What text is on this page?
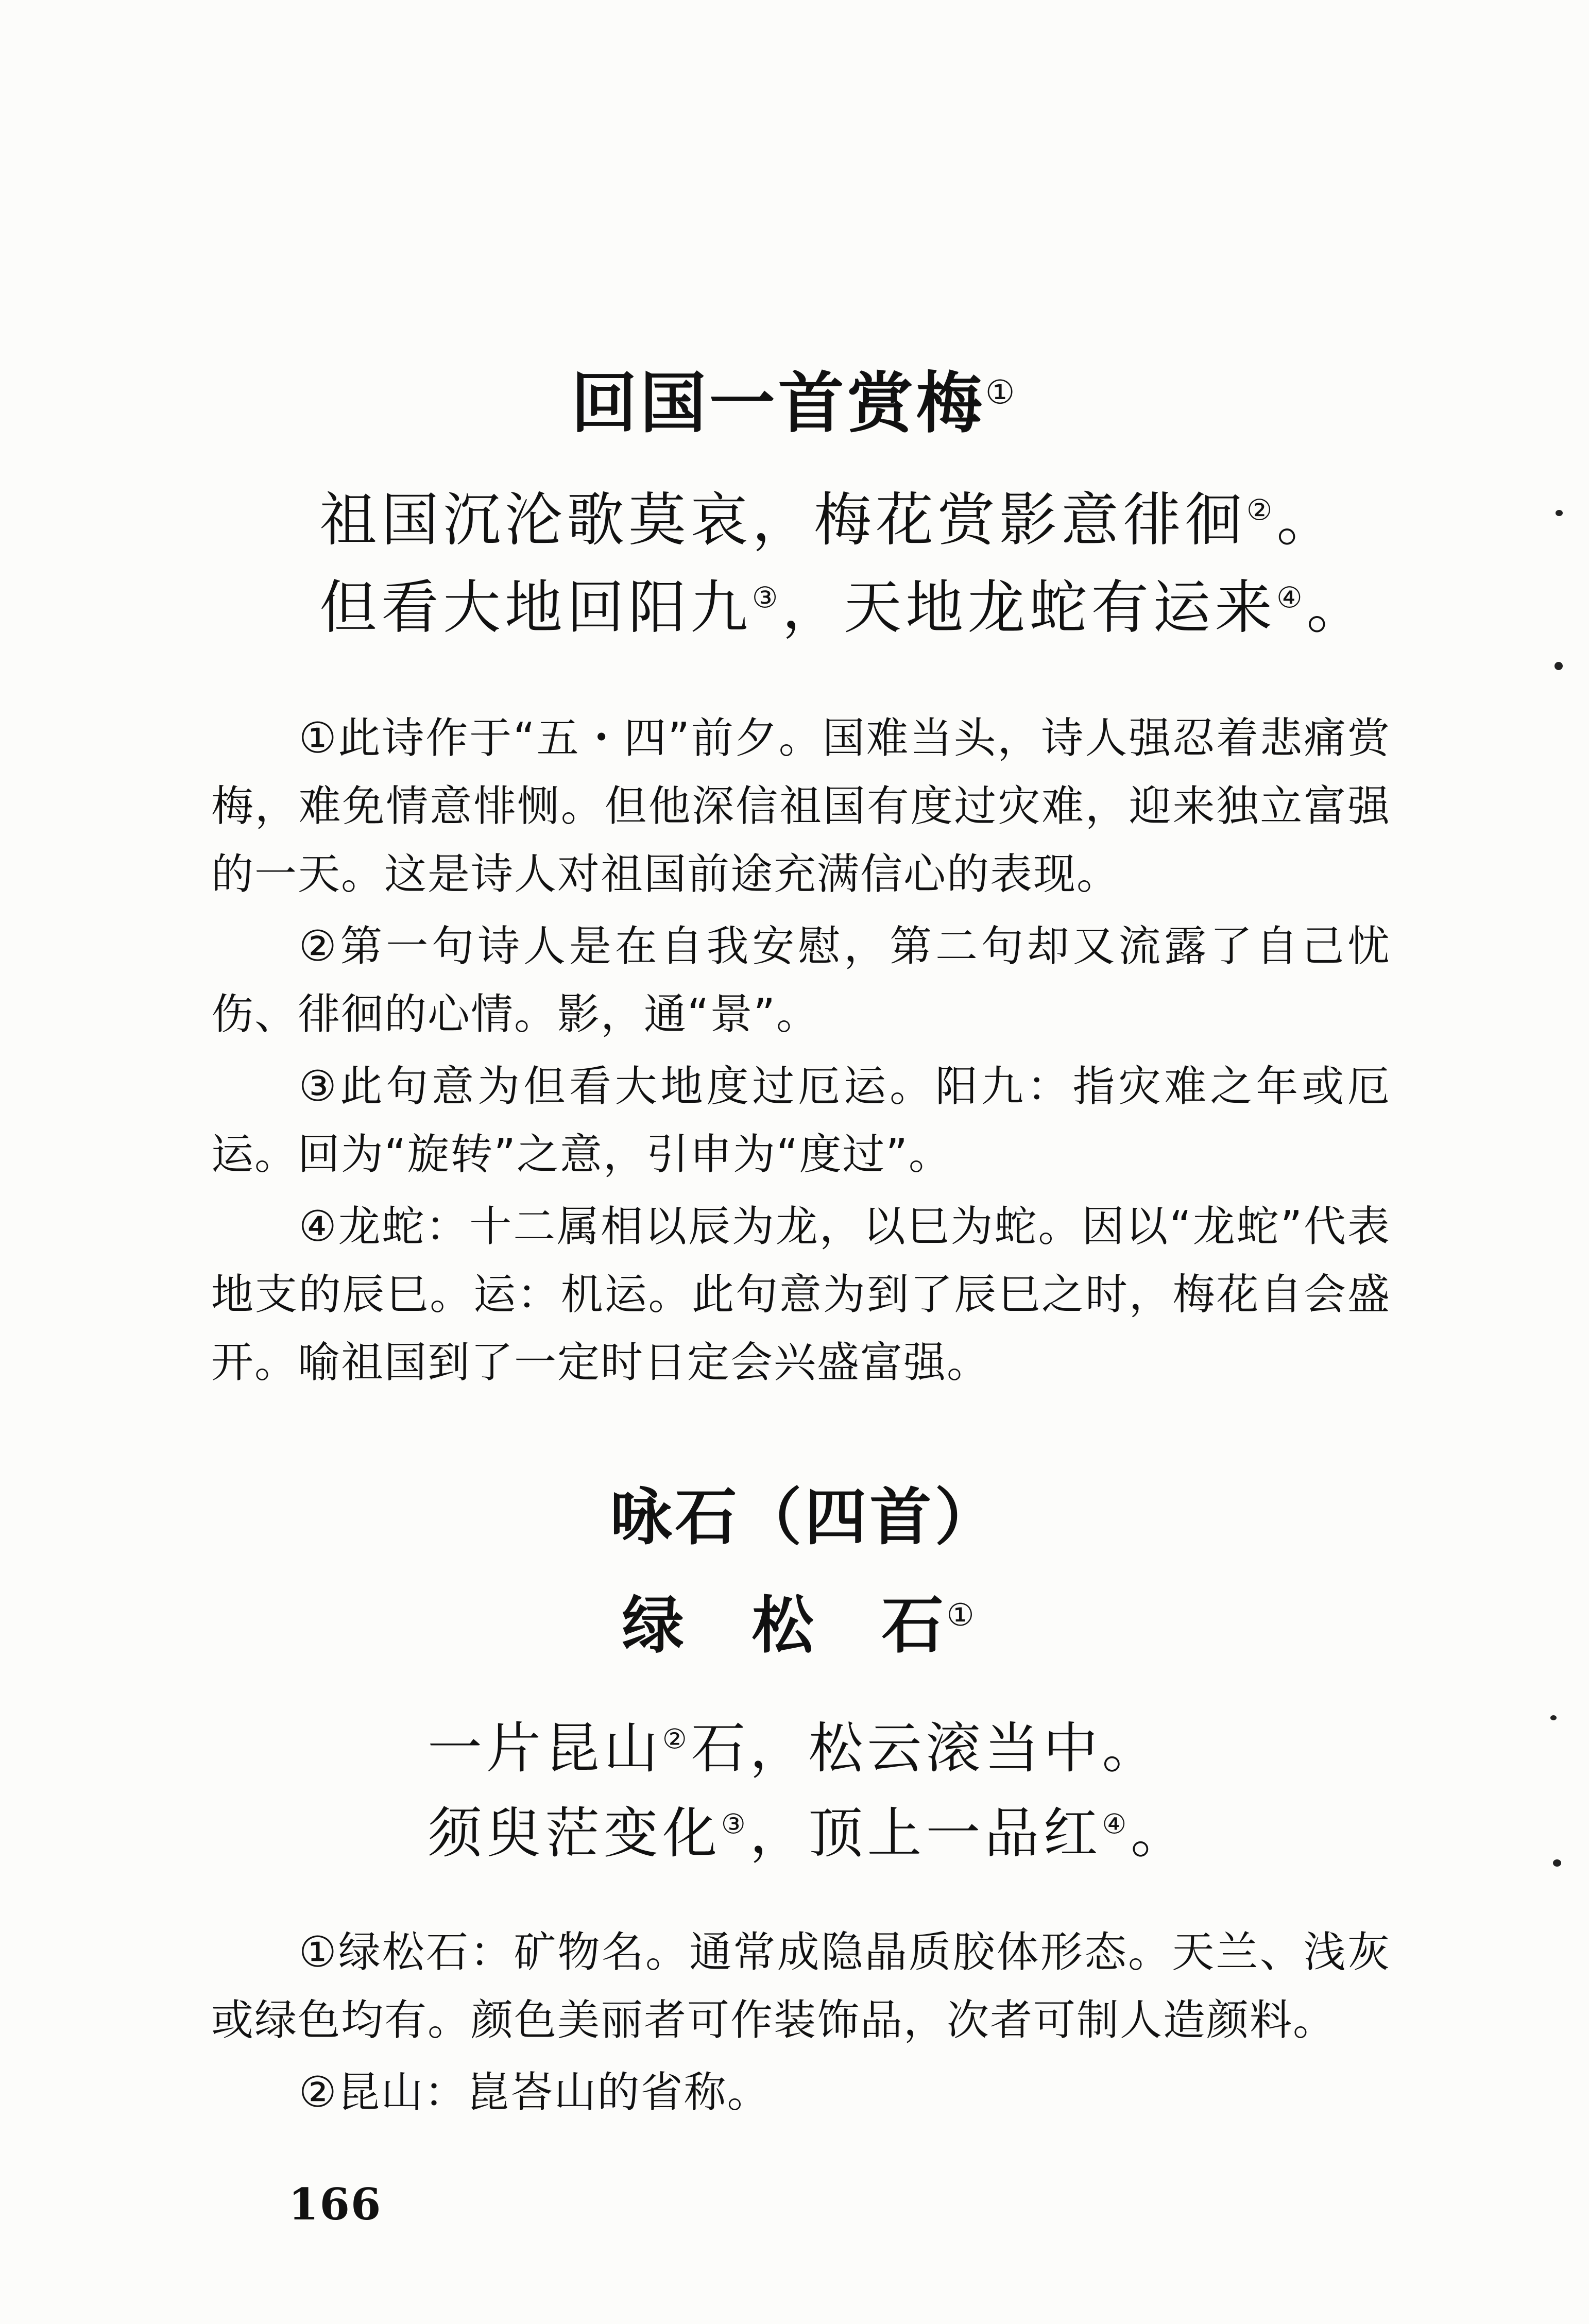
回国一首赏梅①
祖国沉沦歌莫哀，梅花赏影意徘徊②。
但看大地回阳九③，天地龙蛇有运来④。

①此诗作于“五・四”前夕。国难当头，诗人强忍着悲痛赏梅，难免情意悱恻。但他深信祖国有度过灾难，迎来独立富强的一天。这是诗人对祖国前途充满信心的表现。

②第一句诗人是在自我安慰，第二句却又流露了自己忧伤、徘徊的心情。影，通“景”。

③此句意为但看大地度过厄运。阳九：指灾难之年或厄运。回为“旋转”之意，引申为“度过”。

④龙蛇：十二属相以辰为龙，以巳为蛇。因以“龙蛇”代表地支的辰巳。运：机运。此句意为到了辰巳之时，梅花自会盛开。喻祖国到了一定时日定会兴盛富强。

咏石（四首）
绿　松　石①
一片昆山②石，松云滚当中。
须臾茫变化③，顶上一品红④。

①绿松石：矿物名。通常成隐晶质胶体形态。天兰、浅灰或绿色均有。颜色美丽者可作装饰品，次者可制人造颜料。

②昆山：崑峇山的省称。

166
